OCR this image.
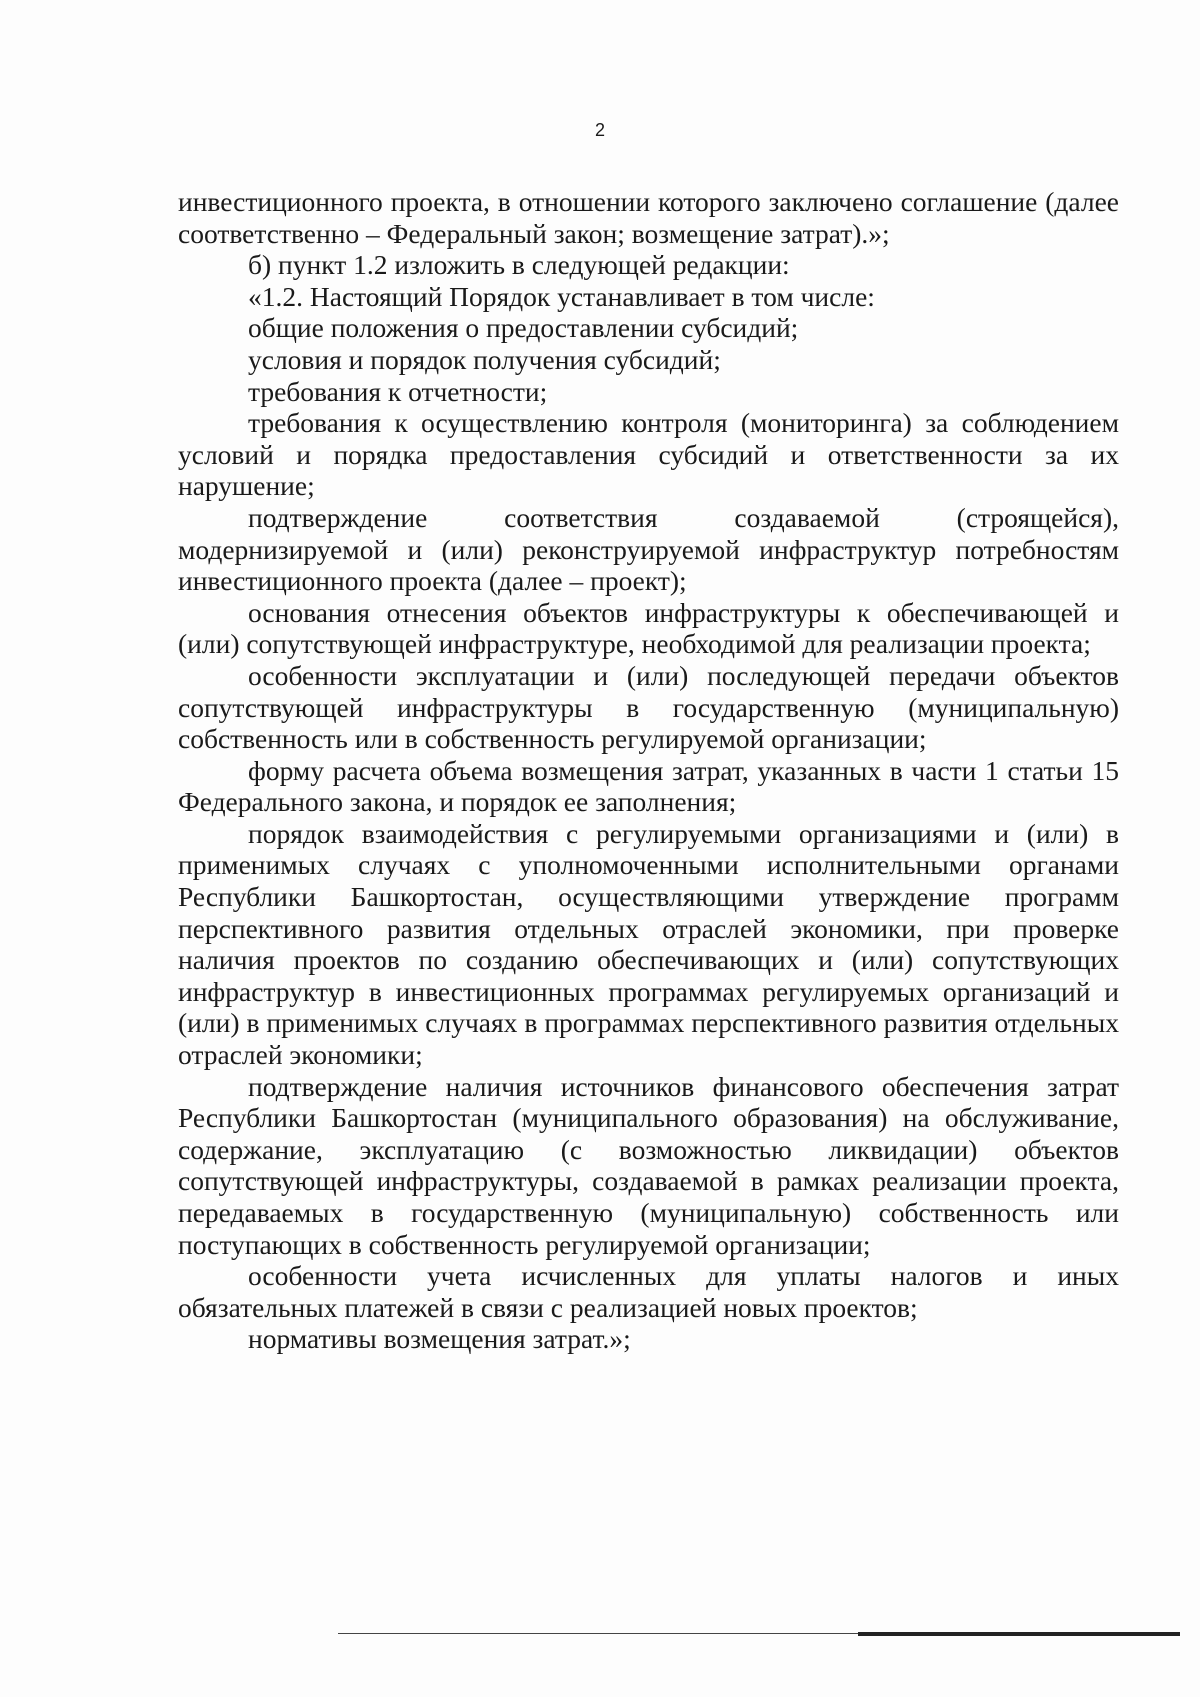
2

инвестиционного проекта, в отношении которого заключено соглашение (далее соответственно – Федеральный закон; возмещение затрат).»;

б) пункт 1.2 изложить в следующей редакции:

«1.2. Настоящий Порядок устанавливает в том числе:

общие положения о предоставлении субсидий;

условия и порядок получения субсидий;

требования к отчетности;

требования к осуществлению контроля (мониторинга) за соблюдением условий и порядка предоставления субсидий и ответственности за их нарушение;

подтверждение соответствия создаваемой (строящейся), модернизируемой и (или) реконструируемой инфраструктур потребностям инвестиционного проекта (далее – проект);

основания отнесения объектов инфраструктуры к обеспечивающей и (или) сопутствующей инфраструктуре, необходимой для реализации проекта;

особенности эксплуатации и (или) последующей передачи объектов сопутствующей инфраструктуры в государственную (муниципальную) собственность или в собственность регулируемой организации;

форму расчета объема возмещения затрат, указанных в части 1 статьи 15 Федерального закона, и порядок ее заполнения;

порядок взаимодействия с регулируемыми организациями и (или) в применимых случаях с уполномоченными исполнительными органами Республики Башкортостан, осуществляющими утверждение программ перспективного развития отдельных отраслей экономики, при проверке наличия проектов по созданию обеспечивающих и (или) сопутствующих инфраструктур в инвестиционных программах регулируемых организаций и (или) в применимых случаях в программах перспективного развития отдельных отраслей экономики;

подтверждение наличия источников финансового обеспечения затрат Республики Башкортостан (муниципального образования) на обслуживание, содержание, эксплуатацию (с возможностью ликвидации) объектов сопутствующей инфраструктуры, создаваемой в рамках реализации проекта, передаваемых в государственную (муниципальную) собственность или поступающих в собственность регулируемой организации;

особенности учета исчисленных для уплаты налогов и иных обязательных платежей в связи с реализацией новых проектов;

нормативы возмещения затрат.»;
